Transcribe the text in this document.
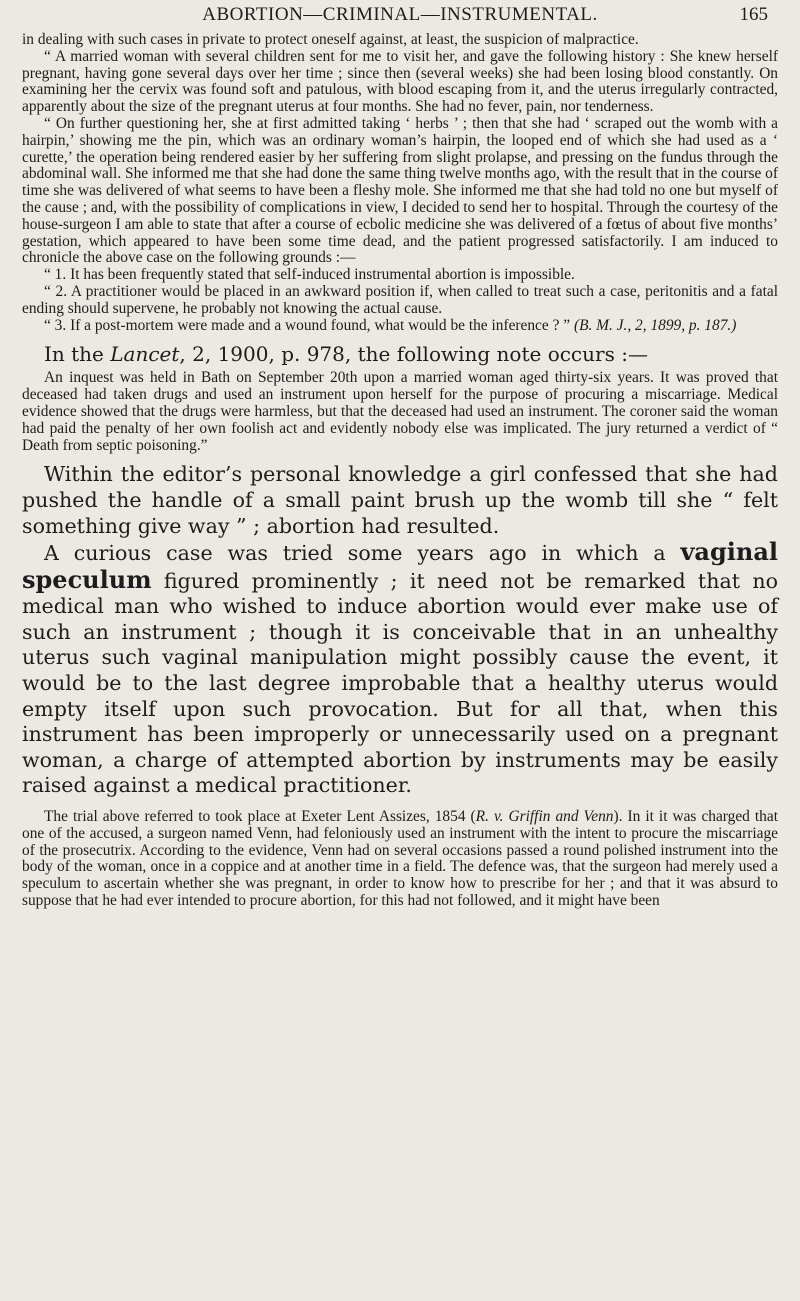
ABORTION—CRIMINAL—INSTRUMENTAL.	165

in dealing with such cases in private to protect oneself against, at least, the suspicion of malpractice.

“ A married woman with several children sent for me to visit her, and gave the following history : She knew herself pregnant, having gone several days over her time ; since then (several weeks) she had been losing blood constantly. On examining her the cervix was found soft and patulous, with blood escaping from it, and the uterus irregularly contracted, apparently about the size of the pregnant uterus at four months. She had no fever, pain, nor tenderness.

“ On further questioning her, she at first admitted taking ‘ herbs ’ ; then that she had ‘ scraped out the womb with a hairpin,’ showing me the pin, which was an ordinary woman’s hairpin, the looped end of which she had used as a ‘ curette,’ the operation being rendered easier by her suffering from slight prolapse, and pressing on the fundus through the abdominal wall. She informed me that she had done the same thing twelve months ago, with the result that in the course of time she was delivered of what seems to have been a fleshy mole. She informed me that she had told no one but myself of the cause ; and, with the possibility of complications in view, I decided to send her to hospital. Through the courtesy of the house-surgeon I am able to state that after a course of ecbolic medicine she was delivered of a fœtus of about five months’ gestation, which appeared to have been some time dead, and the patient progressed satisfactorily. I am induced to chronicle the above case on the following grounds :—

“ 1. It has been frequently stated that self-induced instrumental abortion is impossible.

“ 2. A practitioner would be placed in an awkward position if, when called to treat such a case, peritonitis and a fatal ending should supervene, he probably not knowing the actual cause.

“ 3. If a post-mortem were made and a wound found, what would be the inference ? ” (B. M. J., 2, 1899, p. 187.)

In the Lancet, 2, 1900, p. 978, the following note occurs :—

An inquest was held in Bath on September 20th upon a married woman aged thirty-six years. It was proved that deceased had taken drugs and used an instrument upon herself for the purpose of procuring a miscarriage. Medical evidence showed that the drugs were harmless, but that the deceased had used an instrument. The coroner said the woman had paid the penalty of her own foolish act and evidently nobody else was implicated. The jury returned a verdict of “ Death from septic poisoning.”

Within the editor’s personal knowledge a girl confessed that she had pushed the handle of a small paint brush up the womb till she “ felt something give way ” ; abortion had resulted.

A curious case was tried some years ago in which a vaginal speculum figured prominently ; it need not be remarked that no medical man who wished to induce abortion would ever make use of such an instrument ; though it is conceivable that in an unhealthy uterus such vaginal manipulation might possibly cause the event, it would be to the last degree improbable that a healthy uterus would empty itself upon such provocation. But for all that, when this instrument has been improperly or unnecessarily used on a pregnant woman, a charge of attempted abortion by instruments may be easily raised against a medical practitioner.

The trial above referred to took place at Exeter Lent Assizes, 1854 (R. v. Griffin and Venn). In it it was charged that one of the accused, a surgeon named Venn, had feloniously used an instrument with the intent to procure the miscarriage of the prosecutrix. According to the evidence, Venn had on several occasions passed a round polished instrument into the body of the woman, once in a coppice and at another time in a field. The defence was, that the surgeon had merely used a speculum to ascertain whether she was pregnant, in order to know how to prescribe for her ; and that it was absurd to suppose that he had ever intended to procure abortion, for this had not followed, and it might have been
